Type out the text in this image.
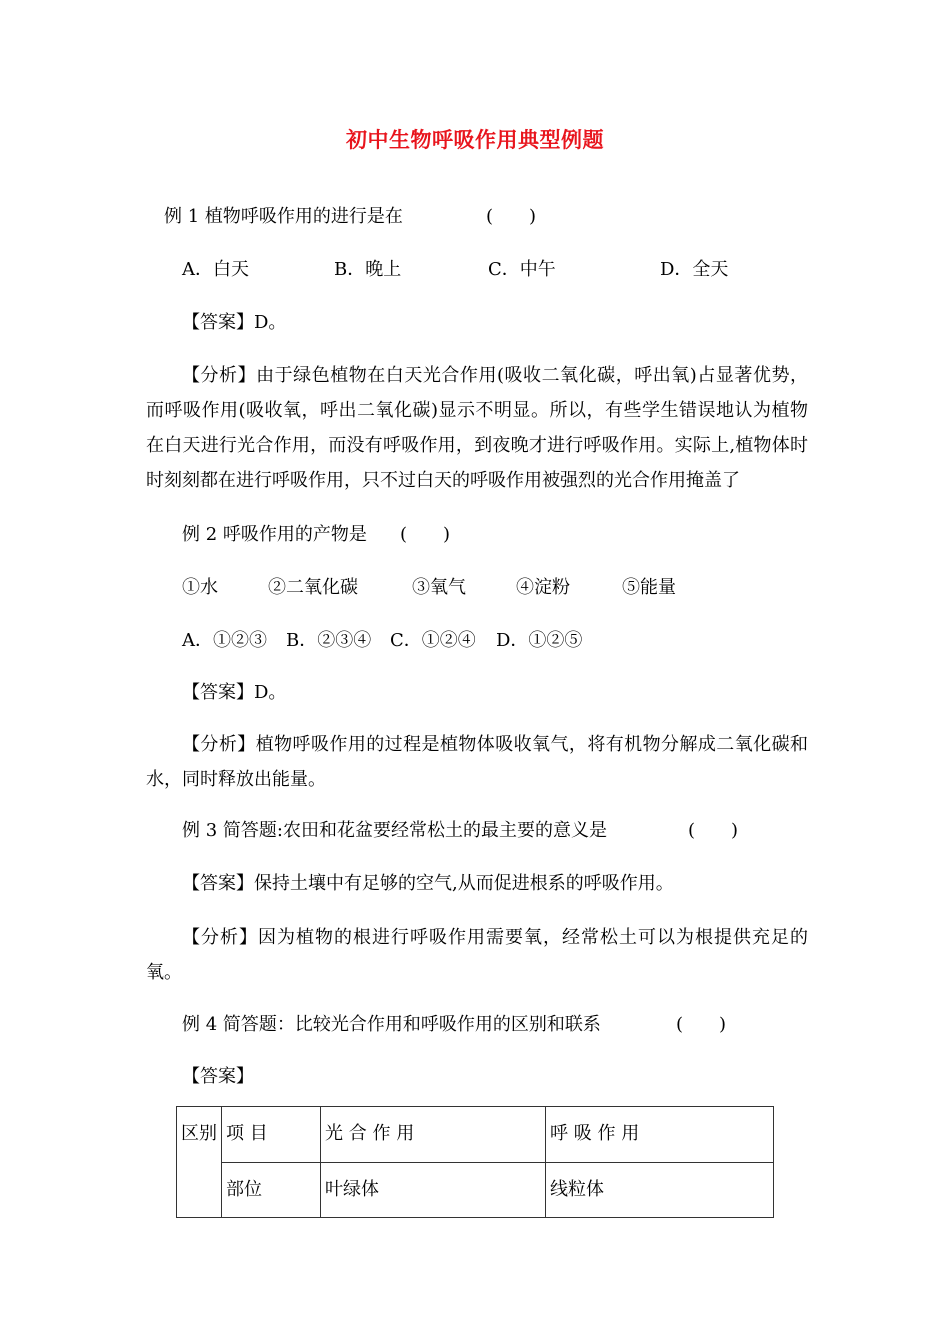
初中生物呼吸作用典型例题
例 1 植物呼吸作用的进行是在	(　　)
A．白天	B．晚上	C．中午	D．全天
【答案】D。
【分析】由于绿色植物在白天光合作用(吸收二氧化碳，呼出氧)占显著优势，而呼吸作用(吸收氧，呼出二氧化碳)显示不明显。所以，有些学生错误地认为植物在白天进行光合作用，而没有呼吸作用，到夜晚才进行呼吸作用。实际上,植物体时时刻刻都在进行呼吸作用，只不过白天的呼吸作用被强烈的光合作用掩盖了
例 2 呼吸作用的产物是 (　　)
①水	②二氧化碳	③氧气	④淀粉	⑤能量
A．①②③ B．②③④ C．①②④ D．①②⑤
【答案】D。
【分析】植物呼吸作用的过程是植物体吸收氧气，将有机物分解成二氧化碳和水，同时释放出能量。
例 3 简答题:农田和花盆要经常松土的最主要的意义是	(　　)
【答案】保持土壤中有足够的空气,从而促进根系的呼吸作用。
【分析】因为植物的根进行呼吸作用需要氧，经常松土可以为根提供充足的氧。
例 4 简答题：比较光合作用和呼吸作用的区别和联系	(　　)
【答案】
区别	项 目	光 合 作 用	呼 吸 作 用

	部位	叶绿体	线粒体
